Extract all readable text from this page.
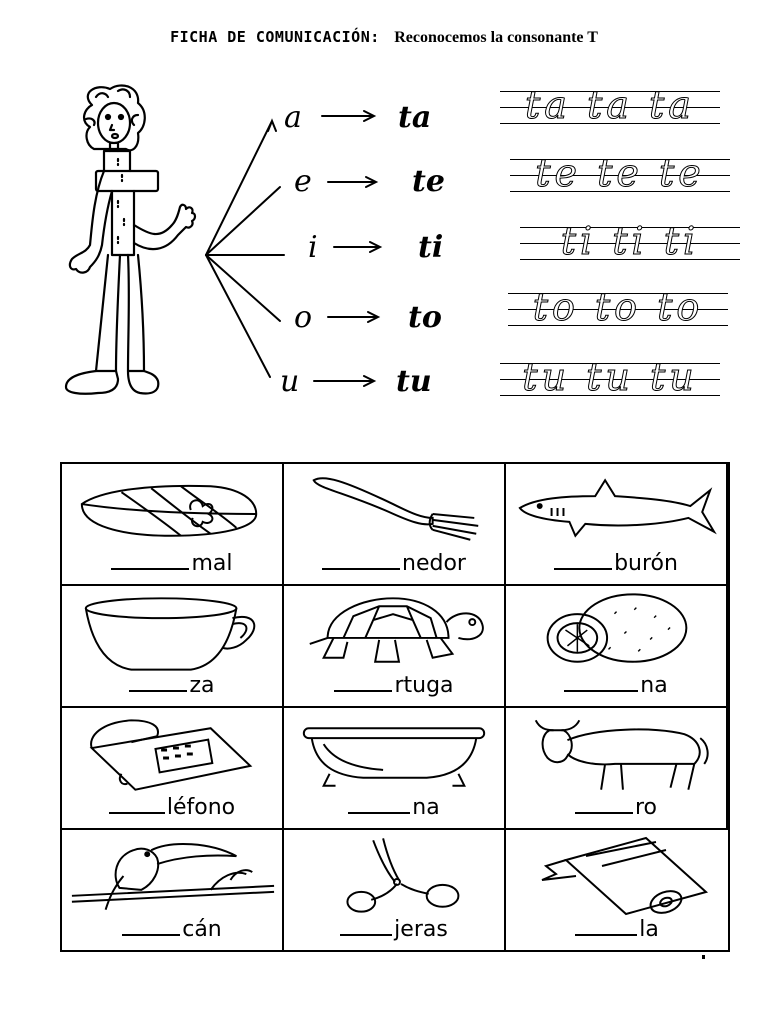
FICHA DE COMUNICACIÓN: Reconocemos la consonante T
a
e
i
o
u
ta
te
ti
to
tu
ta ta ta
te te te
ti ti ti
to to to
tu tu tu
mal	nedor	burón
za	rtuga	na
léfono	na	ro
cán	jeras	la
